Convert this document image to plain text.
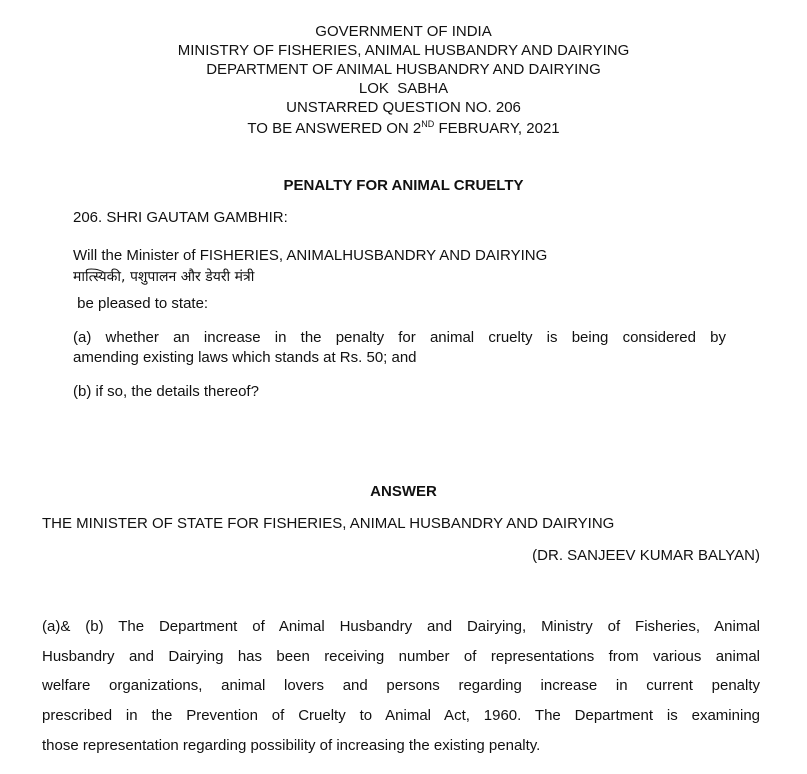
GOVERNMENT OF INDIA
MINISTRY OF FISHERIES, ANIMAL HUSBANDRY AND DAIRYING
DEPARTMENT OF ANIMAL HUSBANDRY AND DAIRYING
LOK  SABHA
UNSTARRED QUESTION NO. 206
TO BE ANSWERED ON 2ND FEBRUARY, 2021
PENALTY FOR ANIMAL CRUELTY
206. SHRI GAUTAM GAMBHIR:
Will the Minister of FISHERIES, ANIMALHUSBANDRY AND DAIRYING
मात्स्यिकी, पशुपालन और डेयरी मंत्री
be pleased to state:
(a)  whether  an  increase  in  the  penalty  for  animal  cruelty  is  being  considered  by
amending existing laws which stands at Rs. 50; and
(b) if so, the details thereof?
ANSWER
THE MINISTER OF STATE FOR FISHERIES, ANIMAL HUSBANDRY AND DAIRYING
(DR. SANJEEV KUMAR BALYAN)
(a)& (b) The Department of Animal Husbandry and Dairying, Ministry of Fisheries, Animal
Husbandry and Dairying has been receiving number of representations from various animal
welfare organizations, animal lovers and persons regarding increase in current penalty
prescribed in the Prevention of Cruelty to Animal Act, 1960. The Department is examining
those representation regarding possibility of increasing the existing penalty.
